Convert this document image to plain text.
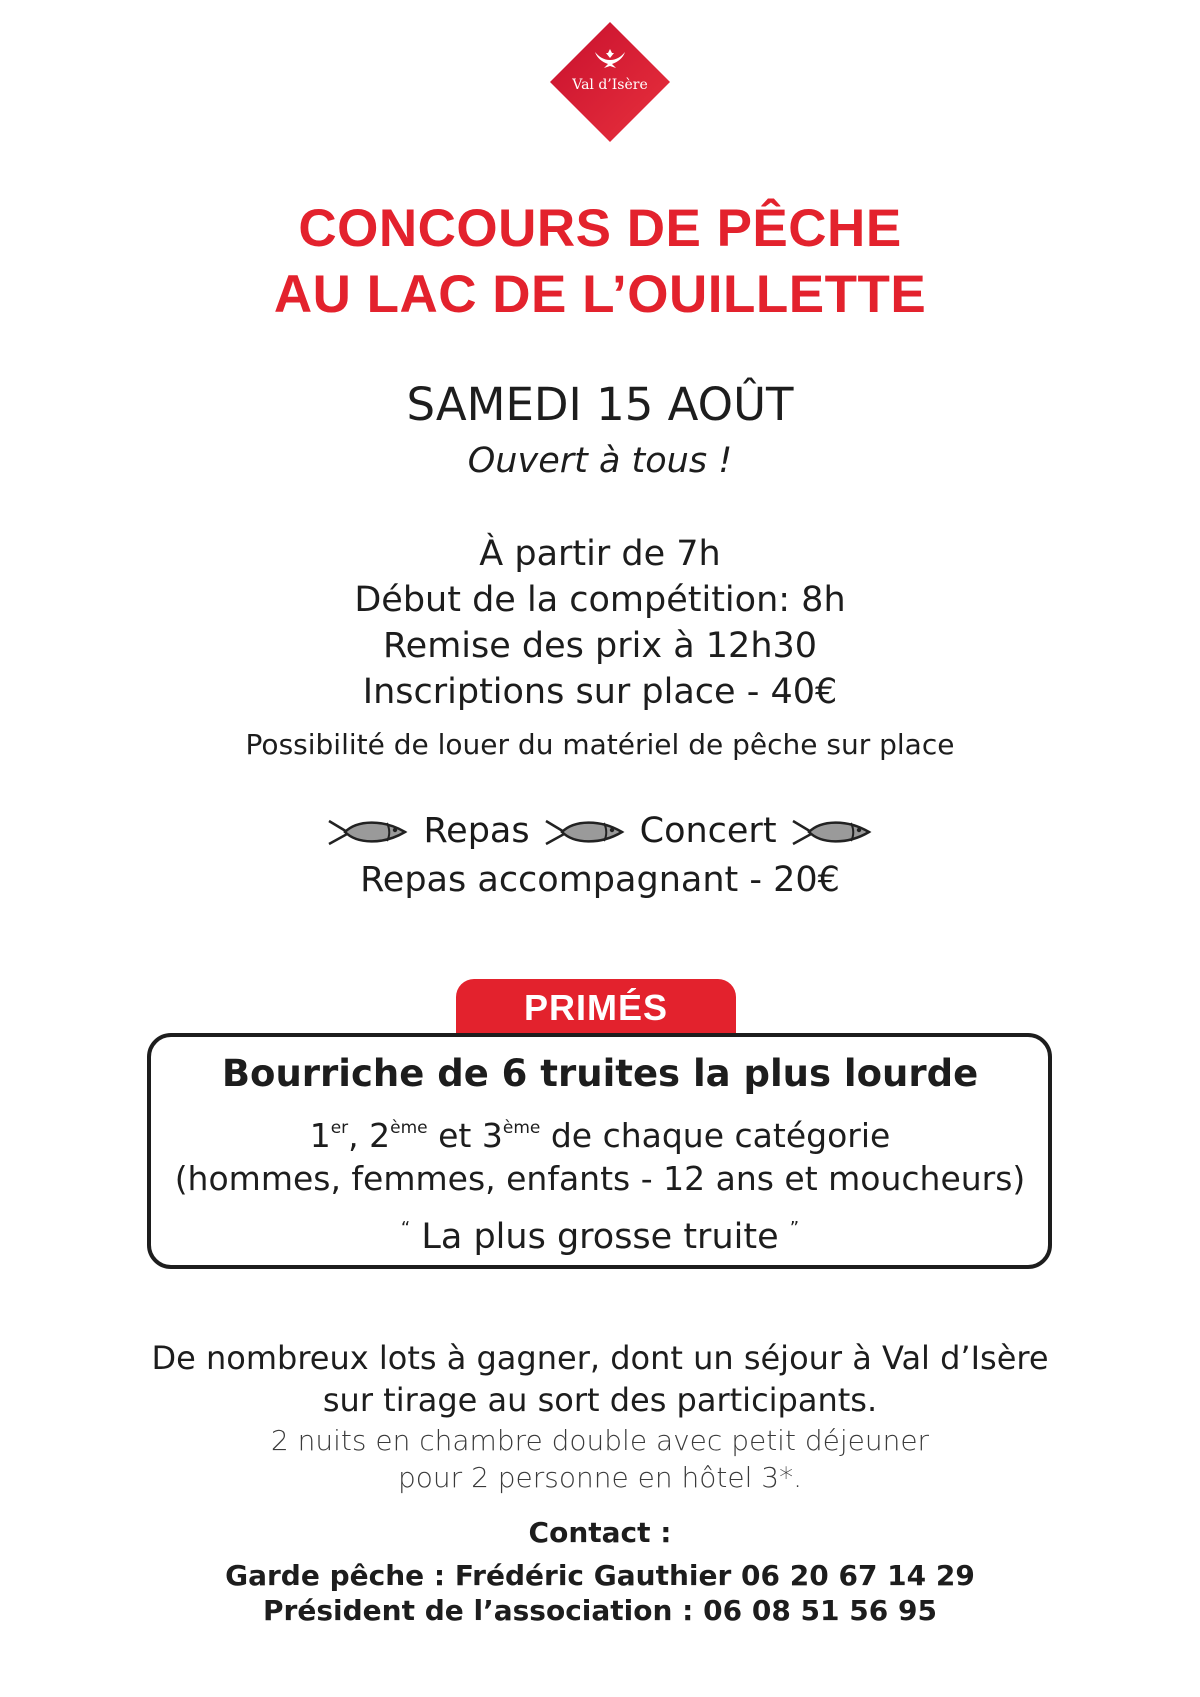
Val d’Isère
CONCOURS DE PÊCHE
AU LAC DE L’OUILLETTE
SAMEDI 15 AOÛT
Ouvert à tous !
À partir de 7h
Début de la compétition: 8h
Remise des prix à 12h30
Inscriptions sur place - 40€
Possibilité de louer du matériel de pêche sur place
Repas	Concert
Repas accompagnant - 20€
PRIMÉS
Bourriche de 6 truites la plus lourde
1er, 2ème et 3ème de chaque catégorie
(hommes, femmes, enfants - 12 ans et moucheurs)
“ La plus grosse truite ”
De nombreux lots à gagner, dont un séjour à Val d’Isère
sur tirage au sort des participants.
2 nuits en chambre double avec petit déjeuner
pour 2 personne en hôtel 3*.
Contact :
Garde pêche : Frédéric Gauthier 06 20 67 14 29
Président de l’association : 06 08 51 56 95
